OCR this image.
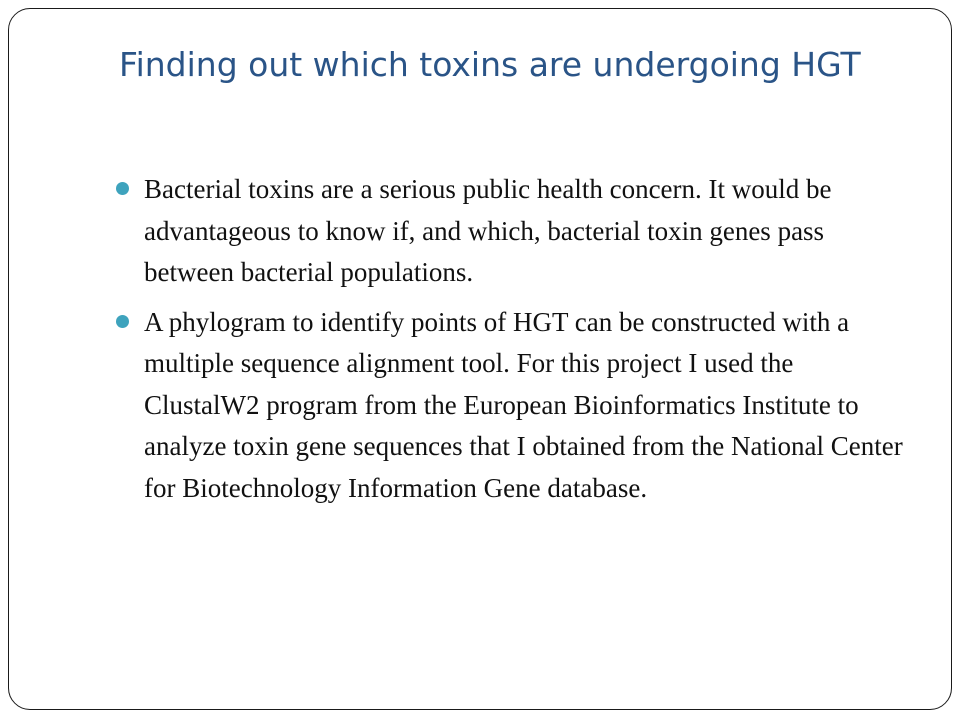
Finding out which toxins are undergoing HGT
Bacterial toxins are a serious public health concern. It would be advantageous to know if, and which, bacterial toxin genes pass between bacterial populations.
A phylogram to identify points of HGT can be constructed with a multiple sequence alignment tool. For this project I used the ClustalW2 program from the European Bioinformatics Institute to analyze toxin gene sequences that I obtained from the National Center for Biotechnology Information Gene database.
